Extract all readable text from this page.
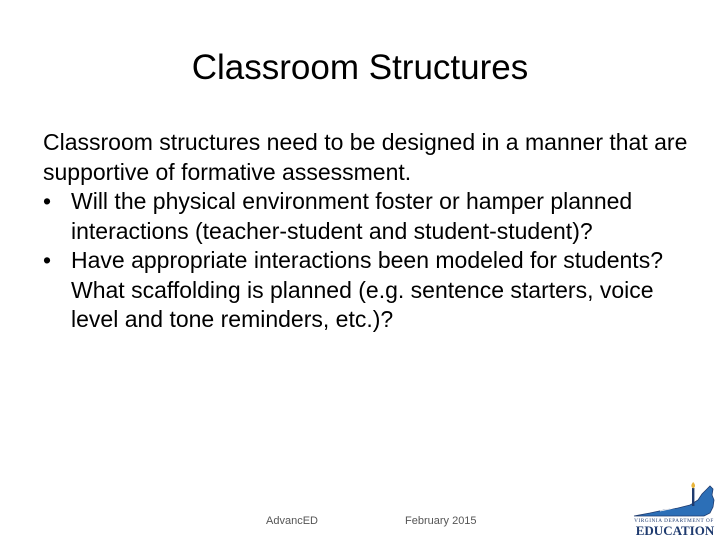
Classroom Structures

Classroom structures need to be designed in a manner that are supportive of formative assessment.

• Will the physical environment foster or hamper planned interactions (teacher-student and student-student)?
• Have appropriate interactions been modeled for students? What scaffolding is planned (e.g. sentence starters, voice level and tone reminders, etc.)?
AdvancED	February 2015	VIRGINIA DEPARTMENT OF
EDUCATION
